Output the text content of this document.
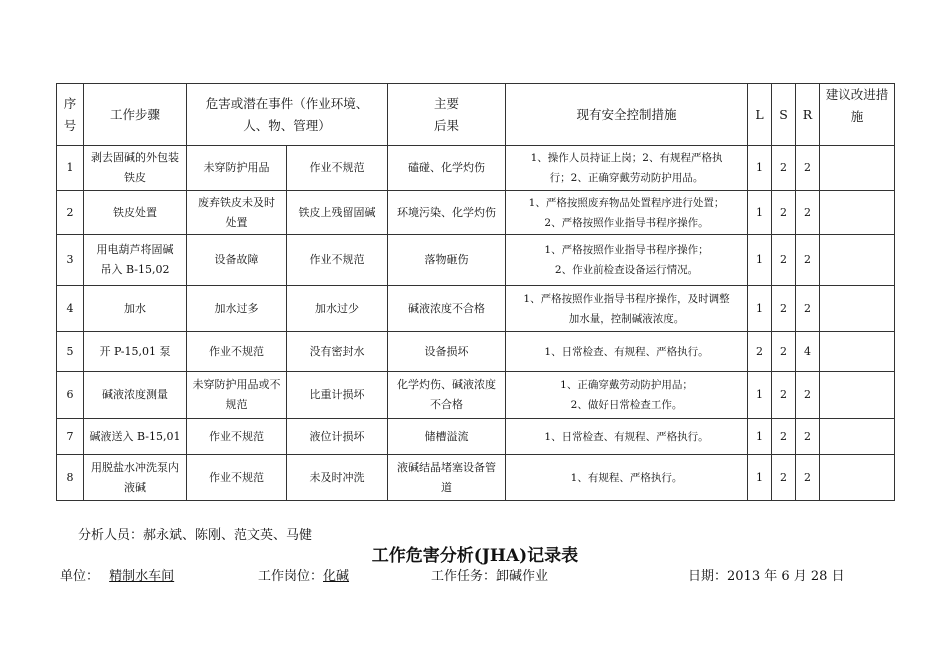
序号	工作步骤	危害或潜在事件（作业环境、
人、物、管理）		主要
后果	现有安全控制措施	L	S	R	建议改进措
施

1	剥去固碱的外包装
铁皮	未穿防护用品	作业不规范	磕碰、化学灼伤	1、操作人员持证上岗；2、有规程严格执
行；2、正确穿戴劳动防护用品。	1	2	2	
2	铁皮处置	废弃铁皮未及时
处置	铁皮上残留固碱	环境污染、化学灼伤	1、严格按照废弃物品处置程序进行处置；
2、严格按照作业指导书程序操作。	1	2	2	
3	用电葫芦将固碱
吊入 B-15,02	设备故障	作业不规范	落物砸伤	1、严格按照作业指导书程序操作；
2、作业前检查设备运行情况。	1	2	2	
4	加水	加水过多	加水过少	碱液浓度不合格	1、严格按照作业指导书程序操作，及时调整
加水量，控制碱液浓度。	1	2	2	
5	开 P-15,01 泵	作业不规范	没有密封水	设备损坏	1、日常检查、有规程、严格执行。	2	2	4	
6	碱液浓度测量	未穿防护用品或不
规范	比重计损坏	化学灼伤、碱液浓度
不合格	1、正确穿戴劳动防护用品；
2、做好日常检查工作。	1	2	2	
7	碱液送入 B-15,01	作业不规范	液位计损坏	储槽溢流	1、日常检查、有规程、严格执行。	1	2	2	
8	用脱盐水冲洗泵内
液碱	作业不规范	未及时冲洗	液碱结晶堵塞设备管
道	1、有规程、严格执行。	1	2	2	
分析人员：郝永斌、陈刚、范文英、马健
工作危害分析(JHA)记录表
单位： 精制水车间	工作岗位：化碱	工作任务：卸碱作业	日期：2013 年 6 月 28 日
